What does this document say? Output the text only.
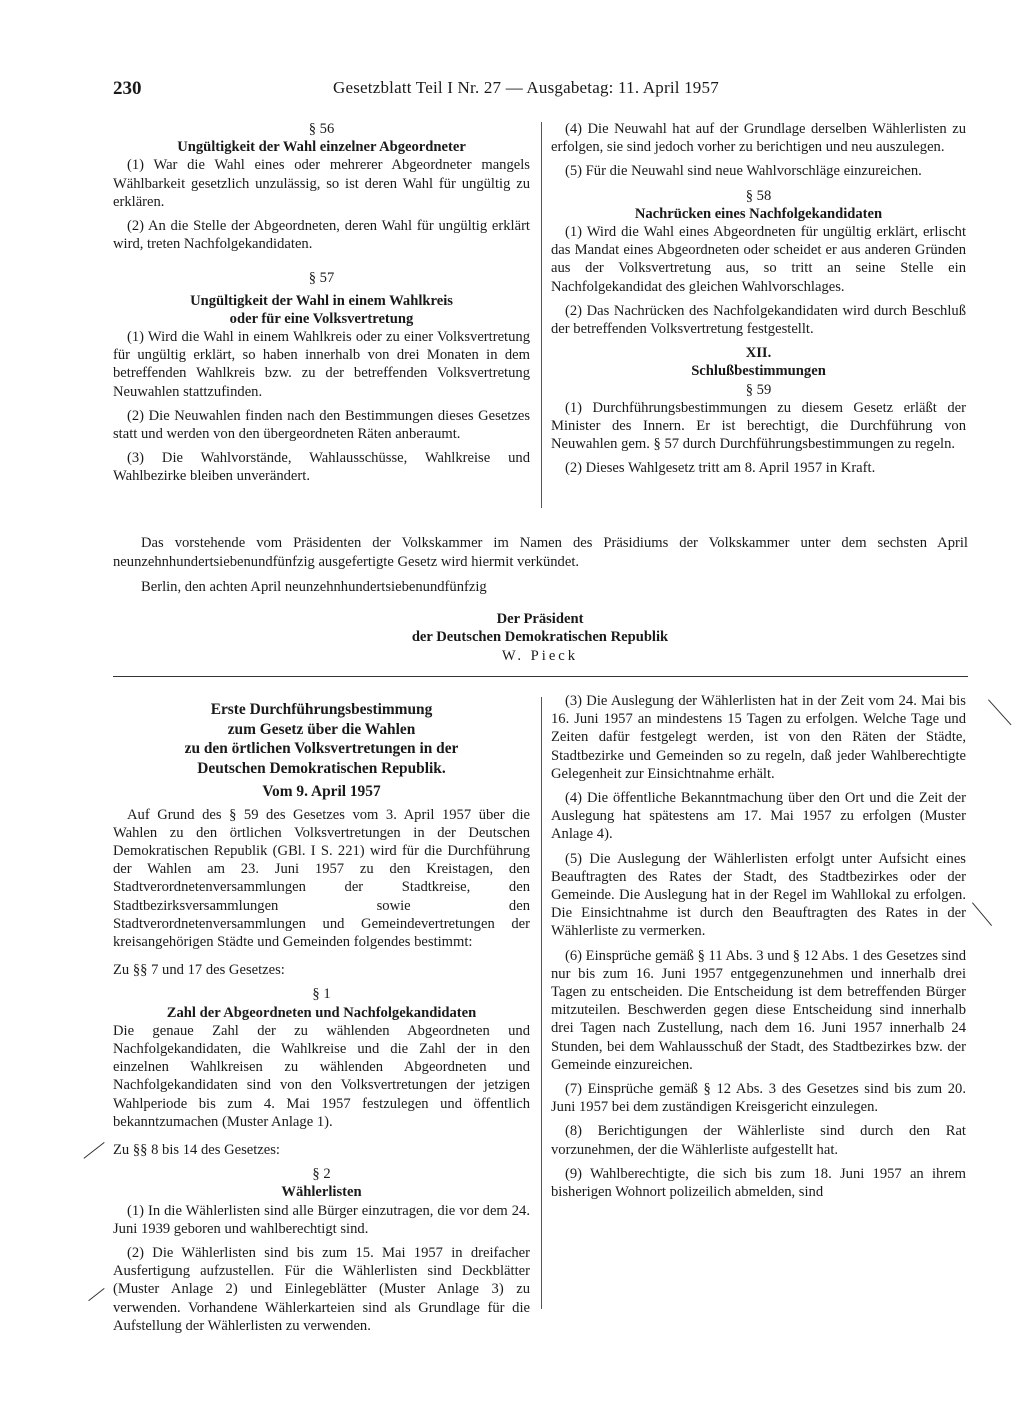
230	Gesetzblatt Teil I Nr. 27 — Ausgabetag: 11. April 1957

§ 56

Ungültigkeit der Wahl einzelner Abgeordneter

(1) War die Wahl eines oder mehrerer Abgeordneter mangels Wählbarkeit gesetzlich unzulässig, so ist deren Wahl für ungültig zu erklären.

(2) An die Stelle der Abgeordneten, deren Wahl für ungültig erklärt wird, treten Nachfolgekandidaten.

§ 57

Ungültigkeit der Wahl in einem Wahlkreis

oder für eine Volksvertretung

(1) Wird die Wahl in einem Wahlkreis oder zu einer Volksvertretung für ungültig erklärt, so haben innerhalb von drei Monaten in dem betreffenden Wahlkreis bzw. zu der betreffenden Volksvertretung Neuwahlen stattzufinden.

(2) Die Neuwahlen finden nach den Bestimmungen dieses Gesetzes statt und werden von den übergeordneten Räten anberaumt.

(3) Die Wahlvorstände, Wahlausschüsse, Wahlkreise und Wahlbezirke bleiben unverändert.

(4) Die Neuwahl hat auf der Grundlage derselben Wählerlisten zu erfolgen, sie sind jedoch vorher zu berichtigen und neu auszulegen.

(5) Für die Neuwahl sind neue Wahlvorschläge einzureichen.

§ 58

Nachrücken eines Nachfolgekandidaten

(1) Wird die Wahl eines Abgeordneten für ungültig erklärt, erlischt das Mandat eines Abgeordneten oder scheidet er aus anderen Gründen aus der Volksvertretung aus, so tritt an seine Stelle ein Nachfolgekandidat des gleichen Wahlvorschlages.

(2) Das Nachrücken des Nachfolgekandidaten wird durch Beschluß der betreffenden Volksvertretung festgestellt.

XII.

Schlußbestimmungen

§ 59

(1) Durchführungsbestimmungen zu diesem Gesetz erläßt der Minister des Innern. Er ist berechtigt, die Durchführung von Neuwahlen gem. § 57 durch Durchführungsbestimmungen zu regeln.

(2) Dieses Wahlgesetz tritt am 8. April 1957 in Kraft.

Das vorstehende vom Präsidenten der Volkskammer im Namen des Präsidiums der Volkskammer unter dem sechsten April neunzehnhundertsiebenundfünfzig ausgefertigte Gesetz wird hiermit verkündet.

Berlin, den achten April neunzehnhundertsiebenundfünfzig

Der Präsident
der Deutschen Demokratischen Republik
W. Pieck
Erste Durchführungsbestimmung
zum Gesetz über die Wahlen
zu den örtlichen Volksvertretungen in der
Deutschen Demokratischen Republik.
Vom 9. April 1957

Auf Grund des § 59 des Gesetzes vom 3. April 1957 über die Wahlen zu den örtlichen Volksvertretungen in der Deutschen Demokratischen Republik (GBl. I S. 221) wird für die Durchführung der Wahlen am 23. Juni 1957 zu den Kreistagen, den Stadtverordnetenversammlungen der Stadtkreise, den Stadtbezirksversammlungen sowie den Stadtverordnetenversammlungen und Gemeindevertretungen der kreisangehörigen Städte und Gemeinden folgendes bestimmt:

Zu §§ 7 und 17 des Gesetzes:

§ 1

Zahl der Abgeordneten und Nachfolgekandidaten

Die genaue Zahl der zu wählenden Abgeordneten und Nachfolgekandidaten, die Wahlkreise und die Zahl der in den einzelnen Wahlkreisen zu wählenden Abgeordneten und Nachfolgekandidaten sind von den Volksvertretungen der jetzigen Wahlperiode bis zum 4. Mai 1957 festzulegen und öffentlich bekanntzumachen (Muster Anlage 1).

Zu §§ 8 bis 14 des Gesetzes:

§ 2

Wählerlisten

(1) In die Wählerlisten sind alle Bürger einzutragen, die vor dem 24. Juni 1939 geboren und wahlberechtigt sind.

(2) Die Wählerlisten sind bis zum 15. Mai 1957 in dreifacher Ausfertigung aufzustellen. Für die Wählerlisten sind Deckblätter (Muster Anlage 2) und Einlegeblätter (Muster Anlage 3) zu verwenden. Vorhandene Wählerkarteien sind als Grundlage für die Aufstellung der Wählerlisten zu verwenden.

(3) Die Auslegung der Wählerlisten hat in der Zeit vom 24. Mai bis 16. Juni 1957 an mindestens 15 Tagen zu erfolgen. Welche Tage und Zeiten dafür festgelegt werden, ist von den Räten der Städte, Stadtbezirke und Gemeinden so zu regeln, daß jeder Wahlberechtigte Gelegenheit zur Einsichtnahme erhält.

(4) Die öffentliche Bekanntmachung über den Ort und die Zeit der Auslegung hat spätestens am 17. Mai 1957 zu erfolgen (Muster Anlage 4).

(5) Die Auslegung der Wählerlisten erfolgt unter Aufsicht eines Beauftragten des Rates der Stadt, des Stadtbezirkes oder der Gemeinde. Die Auslegung hat in der Regel im Wahllokal zu erfolgen. Die Einsichtnahme ist durch den Beauftragten des Rates in der Wählerliste zu vermerken.

(6) Einsprüche gemäß § 11 Abs. 3 und § 12 Abs. 1 des Gesetzes sind nur bis zum 16. Juni 1957 entgegenzunehmen und innerhalb drei Tagen zu entscheiden. Die Entscheidung ist dem betreffenden Bürger mitzuteilen. Beschwerden gegen diese Entscheidung sind innerhalb drei Tagen nach Zustellung, nach dem 16. Juni 1957 innerhalb 24 Stunden, bei dem Wahlausschuß der Stadt, des Stadtbezirkes bzw. der Gemeinde einzureichen.

(7) Einsprüche gemäß § 12 Abs. 3 des Gesetzes sind bis zum 20. Juni 1957 bei dem zuständigen Kreisgericht einzulegen.

(8) Berichtigungen der Wählerliste sind durch den Rat vorzunehmen, der die Wählerliste aufgestellt hat.

(9) Wahlberechtigte, die sich bis zum 18. Juni 1957 an ihrem bisherigen Wohnort polizeilich abmelden, sind
